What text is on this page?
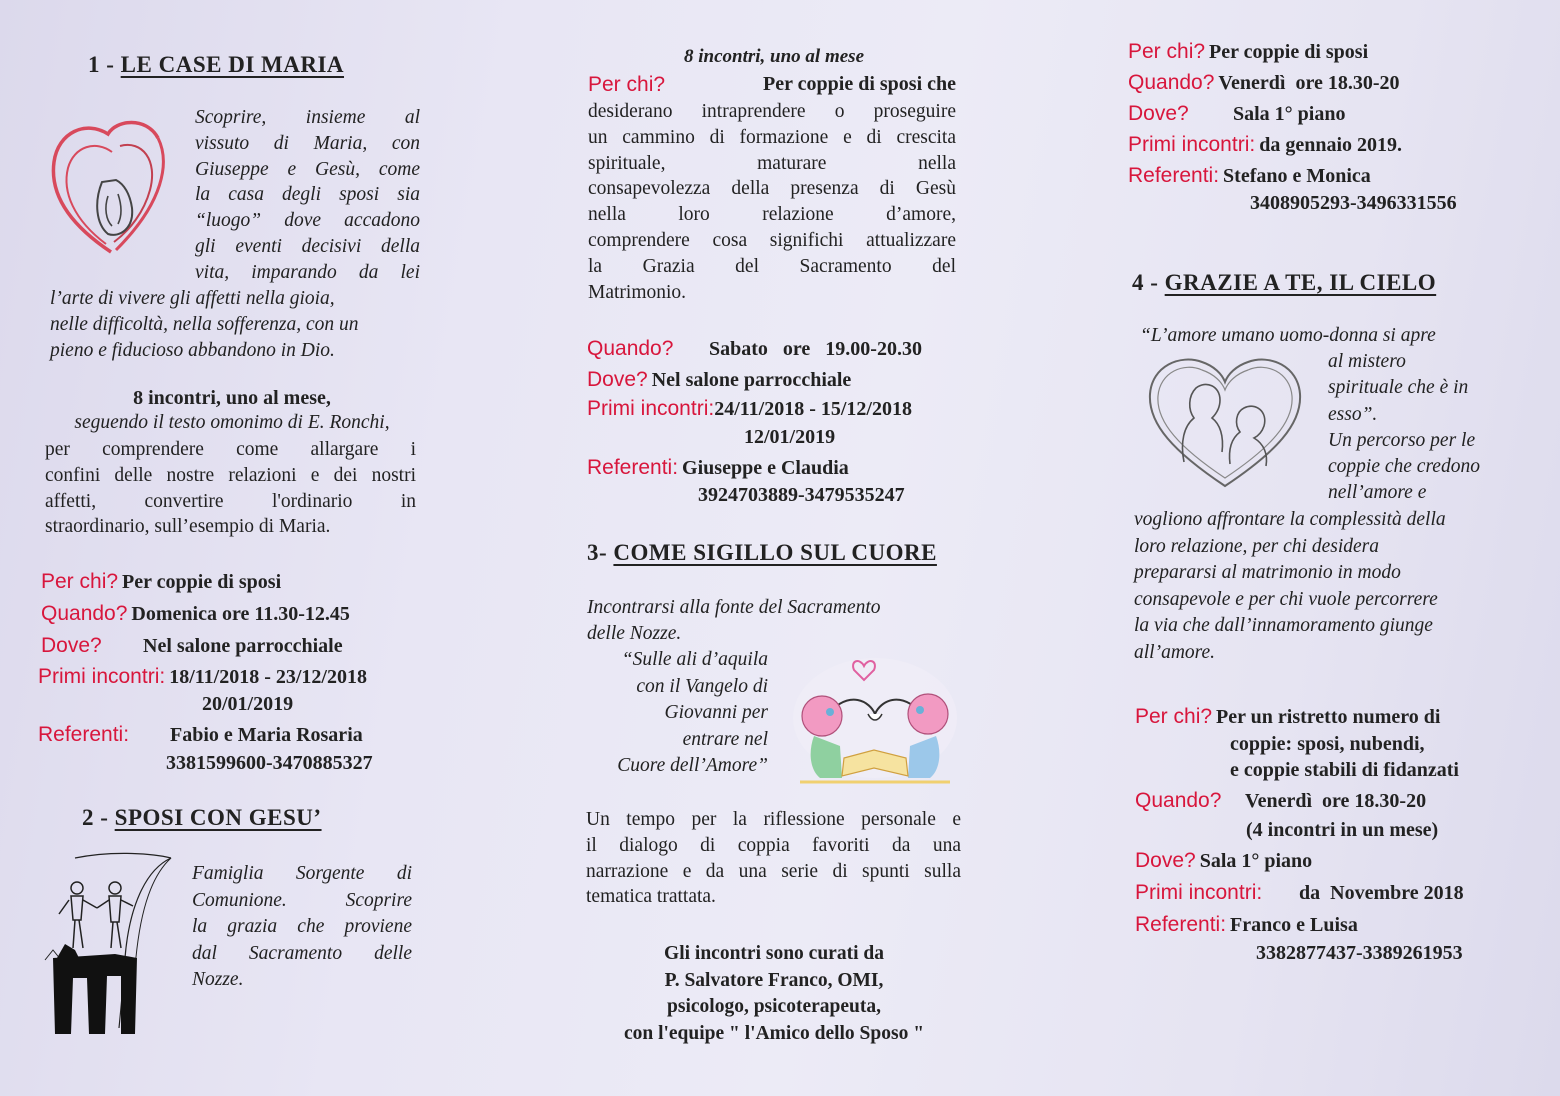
1 - LE CASE DI MARIA
Scoprire, insieme al
vissuto di Maria, con
Giuseppe e Gesù, come
la casa degli sposi sia
“luogo” dove accadono
gli eventi decisivi della
vita, imparando da lei
l’arte di vivere gli affetti nella gioia,
nelle difficoltà, nella sofferenza, con un
pieno e fiducioso abbandono in Dio.
8 incontri, uno al mese,
seguendo il testo omonimo di E. Ronchi,
per comprendere come allargare i
confini delle nostre relazioni e dei nostri
affetti, convertire l'ordinario in
straordinario, sull’esempio di Maria.
Per chi? Per coppie di sposi
Quando? Domenica ore 11.30-12.45
Dove? Nel salone parrocchiale
Primi incontri: 18/11/2018 - 23/12/2018
20/01/2019
Referenti: Fabio e Maria Rosaria
3381599600-3470885327
2 - SPOSI CON GESU’
Famiglia Sorgente di
Comunione. Scoprire
la grazia che proviene
dal Sacramento delle
Nozze.
8 incontri, uno al mese
Per chi?	Per coppie di sposi che
desiderano intraprendere o proseguire
un cammino di formazione e di crescita
spirituale, maturare nella
consapevolezza della presenza di Gesù
nella loro relazione d’amore,
comprendere cosa significhi attualizzare
la Grazia del Sacramento del
Matrimonio.
Quando? Sabato   ore   19.00-20.30
Dove? Nel salone parrocchiale
Primi incontri:24/11/2018 - 15/12/2018
12/01/2019
Referenti: Giuseppe e Claudia
3924703889-3479535247
3- COME SIGILLO SUL CUORE
Incontrarsi alla fonte del Sacramento
delle Nozze.
“Sulle ali d’aquila
con il Vangelo di
Giovanni per
entrare nel
Cuore dell’Amore”
Un tempo per la riflessione personale e
il dialogo di coppia favoriti da una
narrazione e da una serie di spunti sulla
tematica trattata.
Gli incontri sono curati da
P. Salvatore Franco, OMI,
psicologo, psicoterapeuta,
con l'equipe " l'Amico dello Sposo "
Per chi? Per coppie di sposi
Quando? Venerdì  ore 18.30-20
Dove? Sala 1° piano
Primi incontri: da gennaio 2019.
Referenti: Stefano e Monica
3408905293-3496331556
4 - GRAZIE A TE, IL CIELO
“L’amore umano uomo-donna si apre
al mistero
spirituale che è in
esso”.
Un percorso per le
coppie che credono
nell’amore e
vogliono affrontare la complessità della
loro relazione, per chi desidera
prepararsi al matrimonio in modo
consapevole e per chi vuole percorrere
la via che dall’innamoramento giunge
all’amore.
Per chi? Per un ristretto numero di
coppie: sposi, nubendi,
e coppie stabili di fidanzati
Quando? Venerdì  ore 18.30-20
(4 incontri in un mese)
Dove? Sala 1° piano
Primi incontri: da  Novembre 2018
Referenti: Franco e Luisa
3382877437-3389261953
